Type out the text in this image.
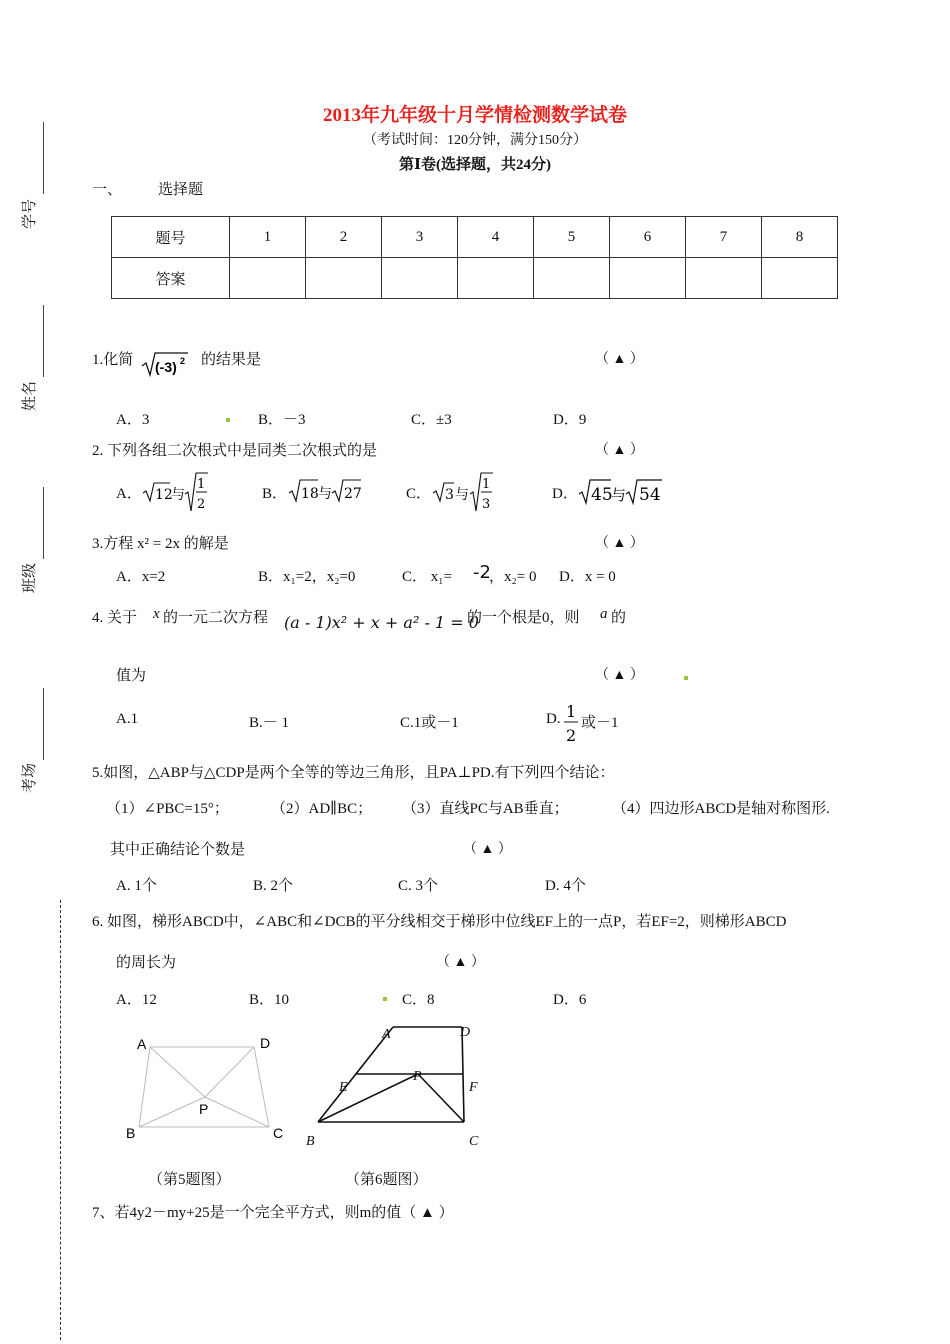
2013年九年级十月学情检测数学试卷
（考试时间：120分钟，满分150分）
第Ⅰ卷(选择题，共24分)
学号
姓名
班级
考场
一、 选择题
题号	1	2	3	4	5	6	7	8
答案								
1.化简 (-3) 2 的结果是	（ ▲ ）
A．3	B．－3	C．±3	D．9
2. 下列各组二次根式中是同类二次根式的是	（ ▲ ）
A． 12
与
1
2
B． 18 与 27	C． 3 与
1
3
D． 45
与 54
3.方程 x² = 2x 的解是	（ ▲ ）
A．x=2	B．x₁=2，x₂=0	C． x₁= -2
，x₂= 0 D．x = 0
4. 关于 x 的一元二次方程 (a - 1)x² + x + a² - 1 = 0
的一个根是0，则 a 的
值为	（ ▲ ）
A.1	B.－ 1	C.1或－1	D. 1
2
或－1
5.如图，△ABP与△CDP是两个全等的等边三角形，且PA⊥PD.有下列四个结论：
（1）∠PBC=15°；	（2）AD∥BC； （3）直线PC与AB垂直；	（4）四边形ABCD是轴对称图形.
其中正确结论个数是	（ ▲ ）
A. 1个	B. 2个	C. 3个	D. 4个
6. 如图，梯形ABCD中，∠ABC和∠DCB的平分线相交于梯形中位线EF上的一点P，若EF=2，则梯形ABCD
的周长为	（ ▲ ）
A．12	B．10	C．8	D．6
A	D
P
B	C
（第5题图）
A	D
E
P
F
B	C
（第6题图）
7、若4y2－my+25是一个完全平方式，则m的值（ ▲ ）
